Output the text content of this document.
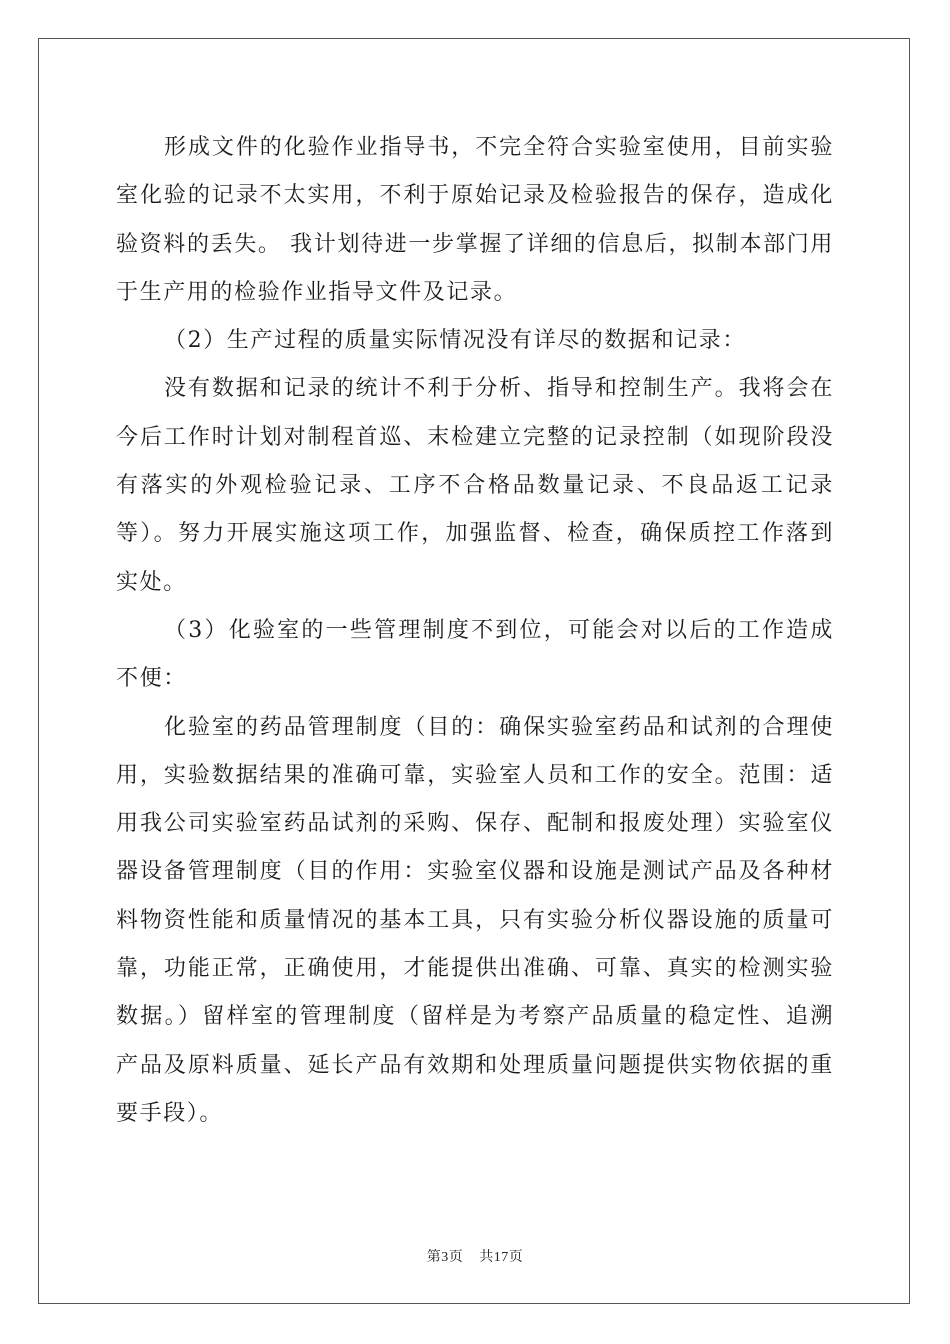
形成文件的化验作业指导书，不完全符合实验室使用，目前实验室化验的记录不太实用，不利于原始记录及检验报告的保存，造成化验资料的丢失。 我计划待进一步掌握了详细的信息后，拟制本部门用于生产用的检验作业指导文件及记录。

（2）生产过程的质量实际情况没有详尽的数据和记录：

没有数据和记录的统计不利于分析、指导和控制生产。我将会在今后工作时计划对制程首巡、末检建立完整的记录控制（如现阶段没有落实的外观检验记录、工序不合格品数量记录、不良品返工记录等）。努力开展实施这项工作，加强监督、检查，确保质控工作落到实处。

（3）化验室的一些管理制度不到位，可能会对以后的工作造成不便：

化验室的药品管理制度（目的：确保实验室药品和试剂的合理使用，实验数据结果的准确可靠，实验室人员和工作的安全。范围：适用我公司实验室药品试剂的采购、保存、配制和报废处理）实验室仪器设备管理制度（目的作用：实验室仪器和设施是测试产品及各种材料物资性能和质量情况的基本工具，只有实验分析仪器设施的质量可靠，功能正常，正确使用，才能提供出准确、可靠、真实的检测实验数据。）留样室的管理制度（留样是为考察产品质量的稳定性、追溯产品及原料质量、延长产品有效期和处理质量问题提供实物依据的重要手段）。

第3页 共17页
